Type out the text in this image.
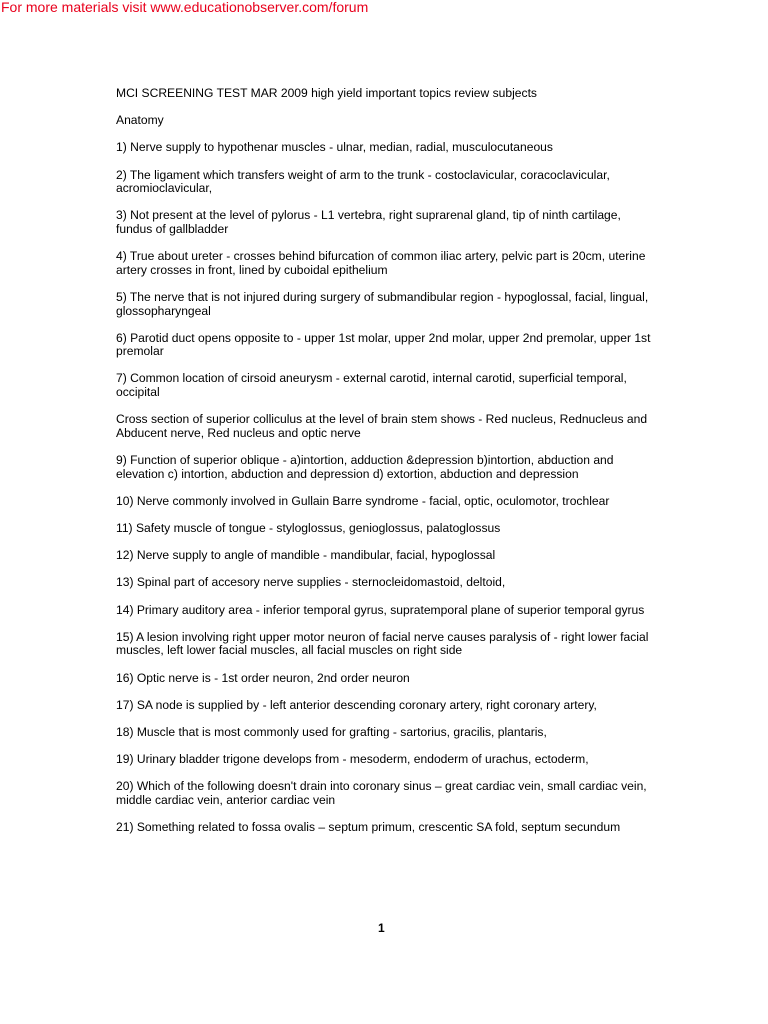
For more materials visit www.educationobserver.com/forum

MCI SCREENING TEST MAR 2009 high yield important topics review subjects

Anatomy

1) Nerve supply to hypothenar muscles - ulnar, median, radial, musculocutaneous

2) The ligament which transfers weight of arm to the trunk - costoclavicular, coracoclavicular, acromioclavicular,

3) Not present at the level of pylorus - L1 vertebra, right suprarenal gland, tip of ninth cartilage, fundus of gallbladder

4) True about ureter - crosses behind bifurcation of common iliac artery, pelvic part is 20cm, uterine artery crosses in front, lined by cuboidal epithelium

5) The nerve that is not injured during surgery of submandibular region - hypoglossal, facial, lingual, glossopharyngeal

6) Parotid duct opens opposite to - upper 1st molar, upper 2nd molar, upper 2nd premolar, upper 1st premolar

7) Common location of cirsoid aneurysm - external carotid, internal carotid, superficial temporal, occipital

Cross section of superior colliculus at the level of brain stem shows - Red nucleus, Rednucleus and Abducent nerve, Red nucleus and optic nerve

9) Function of superior oblique - a)intortion, adduction &depression b)intortion, abduction and elevation c) intortion, abduction and depression d) extortion, abduction and depression

10) Nerve commonly involved in Gullain Barre syndrome - facial, optic, oculomotor, trochlear

11) Safety muscle of tongue - styloglossus, genioglossus, palatoglossus

12) Nerve supply to angle of mandible - mandibular, facial, hypoglossal

13) Spinal part of accesory nerve supplies - sternocleidomastoid, deltoid,

14) Primary auditory area - inferior temporal gyrus, supratemporal plane of superior temporal gyrus

15) A lesion involving right upper motor neuron of facial nerve causes paralysis of - right lower facial muscles, left lower facial muscles, all facial muscles on right side

16) Optic nerve is - 1st order neuron, 2nd order neuron

17) SA node is supplied by - left anterior descending coronary artery, right coronary artery,

18) Muscle that is most commonly used for grafting - sartorius, gracilis, plantaris,

19) Urinary bladder trigone develops from - mesoderm, endoderm of urachus, ectoderm,

20) Which of the following doesn't drain into coronary sinus – great cardiac vein, small cardiac vein, middle cardiac vein, anterior cardiac vein

21) Something related to fossa ovalis – septum primum, crescentic SA fold, septum secundum

1
